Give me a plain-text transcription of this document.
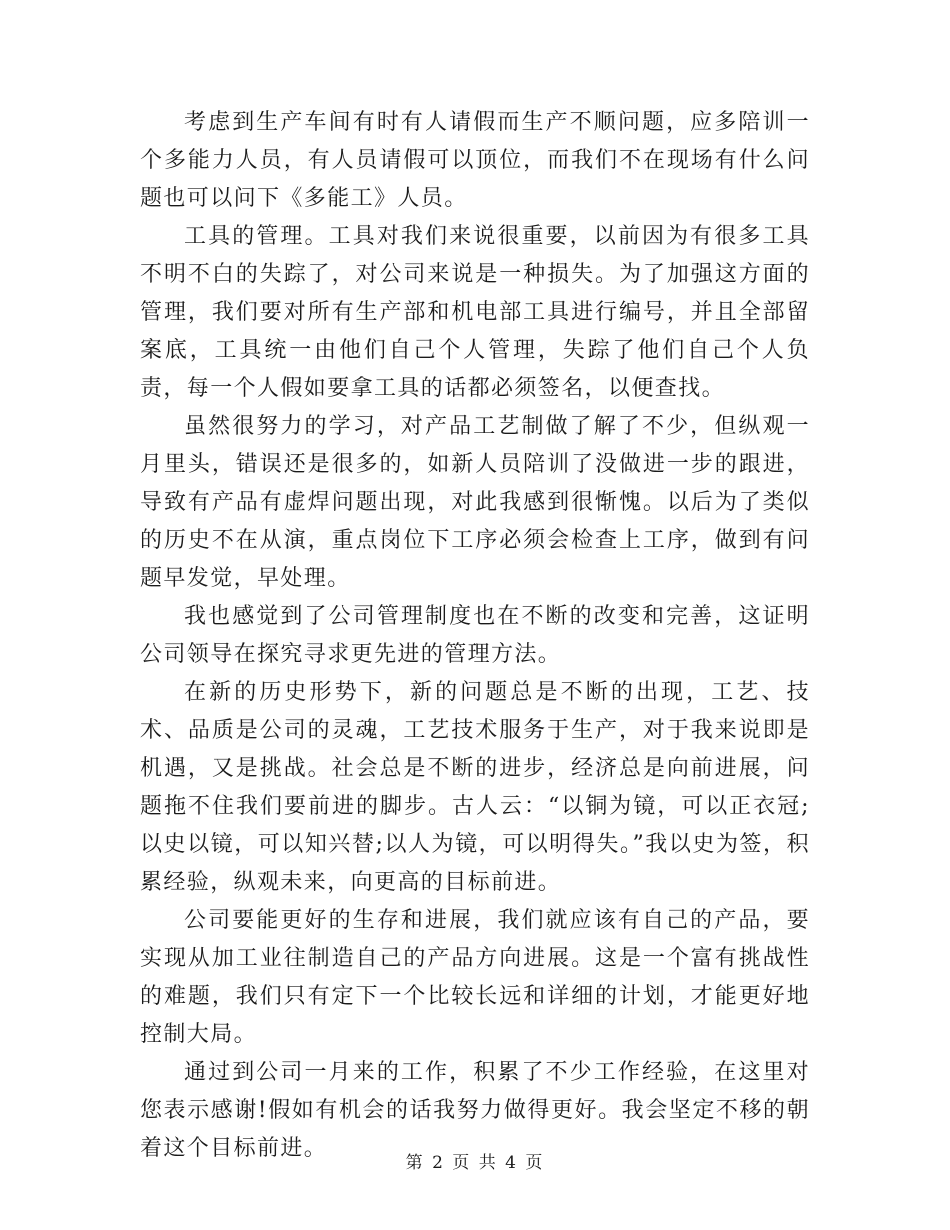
考虑到生产车间有时有人请假而生产不顺问题，应多陪训一个多能力人员，有人员请假可以顶位，而我们不在现场有什么问题也可以问下《多能工》人员。

工具的管理。工具对我们来说很重要，以前因为有很多工具不明不白的失踪了，对公司来说是一种损失。为了加强这方面的管理，我们要对所有生产部和机电部工具进行编号，并且全部留案底，工具统一由他们自己个人管理，失踪了他们自己个人负责，每一个人假如要拿工具的话都必须签名，以便查找。

虽然很努力的学习，对产品工艺制做了解了不少，但纵观一月里头，错误还是很多的，如新人员陪训了没做进一步的跟进，导致有产品有虚焊问题出现，对此我感到很惭愧。以后为了类似的历史不在从演，重点岗位下工序必须会检查上工序，做到有问题早发觉，早处理。

我也感觉到了公司管理制度也在不断的改变和完善，这证明公司领导在探究寻求更先进的管理方法。

在新的历史形势下，新的问题总是不断的出现，工艺、技术、品质是公司的灵魂，工艺技术服务于生产，对于我来说即是机遇，又是挑战。社会总是不断的进步，经济总是向前进展，问题拖不住我们要前进的脚步。古人云：“以铜为镜，可以正衣冠;以史以镜，可以知兴替;以人为镜，可以明得失。”我以史为签，积累经验，纵观未来，向更高的目标前进。

公司要能更好的生存和进展，我们就应该有自己的产品，要实现从加工业往制造自己的产品方向进展。这是一个富有挑战性的难题，我们只有定下一个比较长远和详细的计划，才能更好地控制大局。

通过到公司一月来的工作，积累了不少工作经验，在这里对您表示感谢!假如有机会的话我努力做得更好。我会坚定不移的朝着这个目标前进。

第 2 页 共 4 页
